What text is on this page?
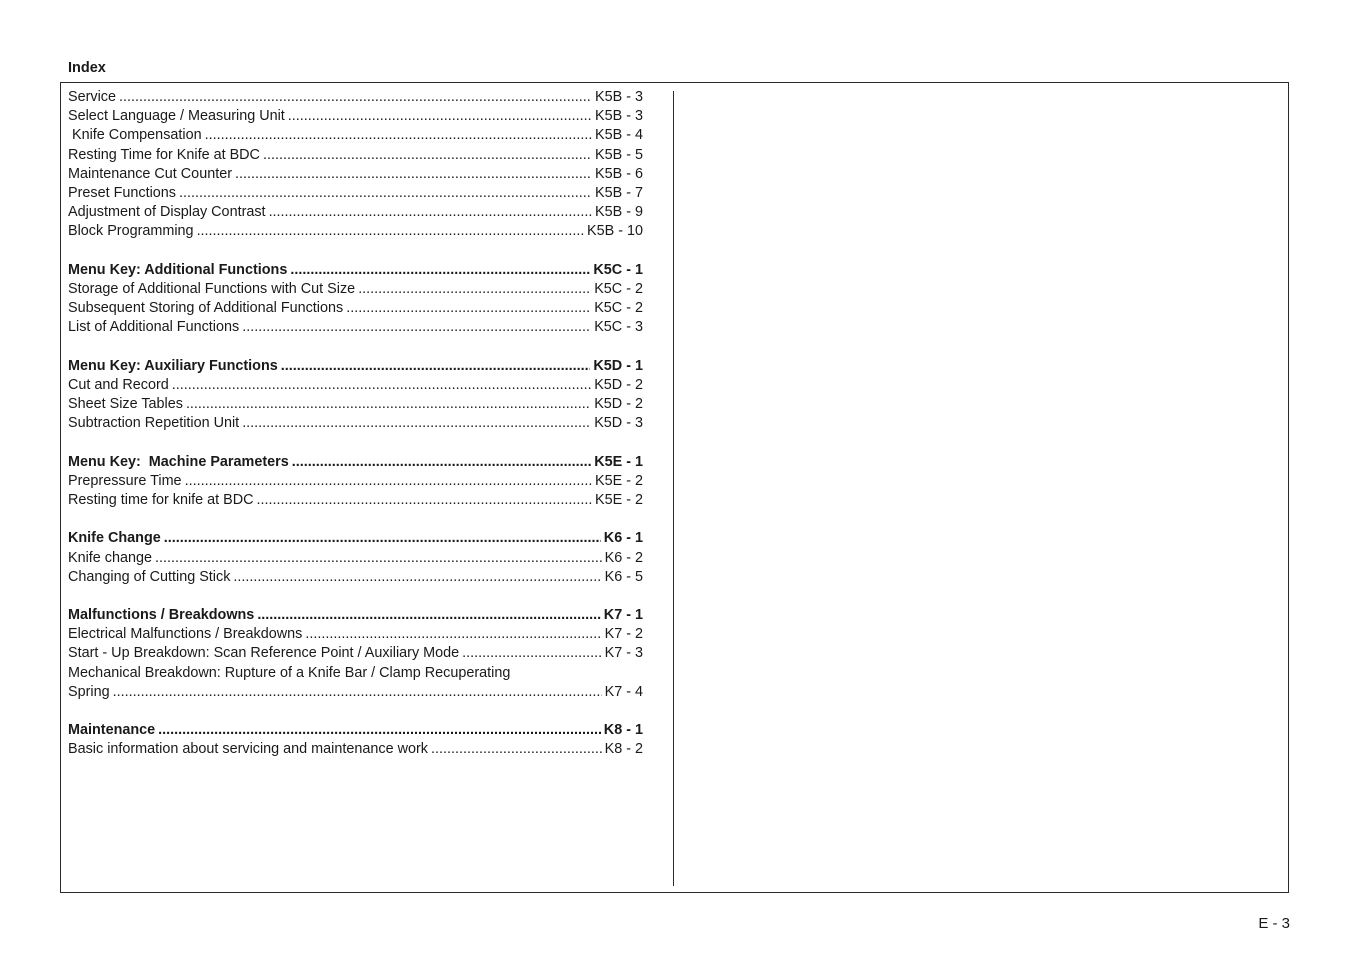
Index
Service .....	K5B - 3
Select Language / Measuring Unit .....	K5B - 3
Knife Compensation .....	K5B - 4
Resting Time for Knife at BDC .....	K5B - 5
Maintenance Cut Counter .....	K5B - 6
Preset Functions .....	K5B - 7
Adjustment of Display Contrast .....	K5B - 9
Block Programming .....	K5B - 10
Menu Key: Additional Functions .....	K5C - 1
Storage of Additional Functions with Cut Size .....	K5C - 2
Subsequent Storing of Additional Functions .....	K5C - 2
List of Additional Functions .....	K5C - 3
Menu Key: Auxiliary Functions .....	K5D - 1
Cut and Record .....	K5D - 2
Sheet Size Tables .....	K5D - 2
Subtraction Repetition Unit .....	K5D - 3
Menu Key:  Machine Parameters .....	K5E - 1
Prepressure Time .....	K5E - 2
Resting time for knife at BDC .....	K5E - 2
Knife Change .....	K6 - 1
Knife change .....	K6 - 2
Changing of Cutting Stick .....	K6 - 5
Malfunctions / Breakdowns .....	K7 - 1
Electrical Malfunctions / Breakdowns .....	K7 - 2
Start - Up Breakdown: Scan Reference Point / Auxiliary Mode .....	K7 - 3
Mechanical Breakdown: Rupture of a Knife Bar / Clamp Recuperating
Spring .....	K7 - 4
Maintenance .....	K8 - 1
Basic information about servicing and maintenance work .....	K8 - 2
E - 3
